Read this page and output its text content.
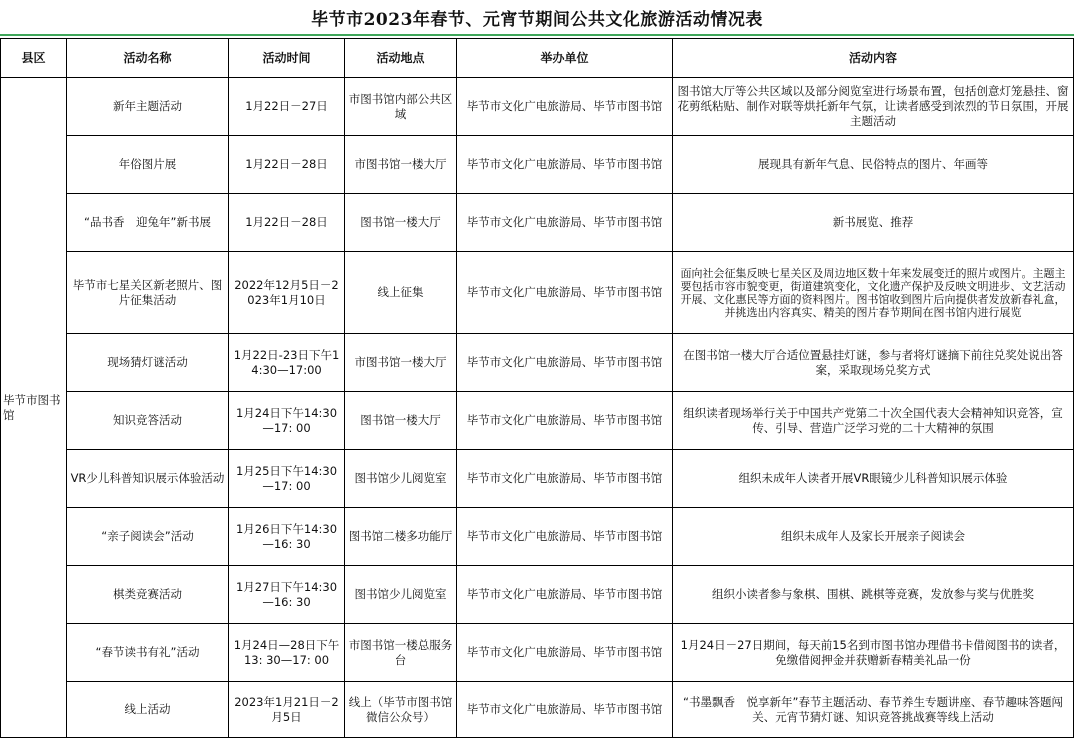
毕节市2023年春节、元宵节期间公共文化旅游活动情况表
县区	活动名称	活动时间	活动地点	举办单位	活动内容
毕节市图书馆	新年主题活动	1月22日－27日	市图书馆内部公共区域	毕节市文化广电旅游局、毕节市图书馆	图书馆大厅等公共区域以及部分阅览室进行场景布置，包括创意灯笼悬挂、窗花剪纸粘贴、制作对联等烘托新年气氛，让读者感受到浓烈的节日氛围，开展主题活动
	年俗图片展	1月22日－28日	市图书馆一楼大厅	毕节市文化广电旅游局、毕节市图书馆	展现具有新年气息、民俗特点的图片、年画等
	“品书香　迎兔年”新书展	1月22日－28日	图书馆一楼大厅	毕节市文化广电旅游局、毕节市图书馆	新书展览、推荐
	毕节市七星关区新老照片、图片征集活动	2022年12月5日－2023年1月10日	线上征集	毕节市文化广电旅游局、毕节市图书馆	面向社会征集反映七星关区及周边地区数十年来发展变迁的照片或图片。主题主要包括市容市貌变更，街道建筑变化，文化遗产保护及反映文明进步、文艺活动开展、文化惠民等方面的资料图片。图书馆收到图片后向提供者发放新春礼盒，并挑选出内容真实、精美的图片春节期间在图书馆内进行展览
	现场猜灯谜活动	1月22日-23日下午14:30—17:00	市图书馆一楼大厅	毕节市文化广电旅游局、毕节市图书馆	在图书馆一楼大厅合适位置悬挂灯谜，参与者将灯谜摘下前往兑奖处说出答案，采取现场兑奖方式
	知识竞答活动	1月24日下午14:30—17: 00	图书馆一楼大厅	毕节市文化广电旅游局、毕节市图书馆	组织读者现场举行关于中国共产党第二十次全国代表大会精神知识竞答，宣传、引导、营造广泛学习党的二十大精神的氛围
	VR少儿科普知识展示体验活动	1月25日下午14:30—17: 00	图书馆少儿阅览室	毕节市文化广电旅游局、毕节市图书馆	组织未成年人读者开展VR眼镜少儿科普知识展示体验
	“亲子阅读会”活动	1月26日下午14:30—16: 30	图书馆二楼多功能厅	毕节市文化广电旅游局、毕节市图书馆	组织未成年人及家长开展亲子阅读会
	棋类竞赛活动	1月27日下午14:30—16: 30	图书馆少儿阅览室	毕节市文化广电旅游局、毕节市图书馆	组织小读者参与象棋、围棋、跳棋等竞赛，发放参与奖与优胜奖
	“春节读书有礼”活动	1月24日—28日下午13: 30—17: 00	市图书馆一楼总服务台	毕节市文化广电旅游局、毕节市图书馆	1月24日－27日期间，每天前15名到市图书馆办理借书卡借阅图书的读者，免缴借阅押金并获赠新春精美礼品一份
	线上活动	2023年1月21日－2月5日	线上（毕节市图书馆微信公众号）	毕节市文化广电旅游局、毕节市图书馆	“书墨飘香　悦享新年”春节主题活动、春节养生专题讲座、春节趣味答题闯关、元宵节猜灯谜、知识竞答挑战赛等线上活动
